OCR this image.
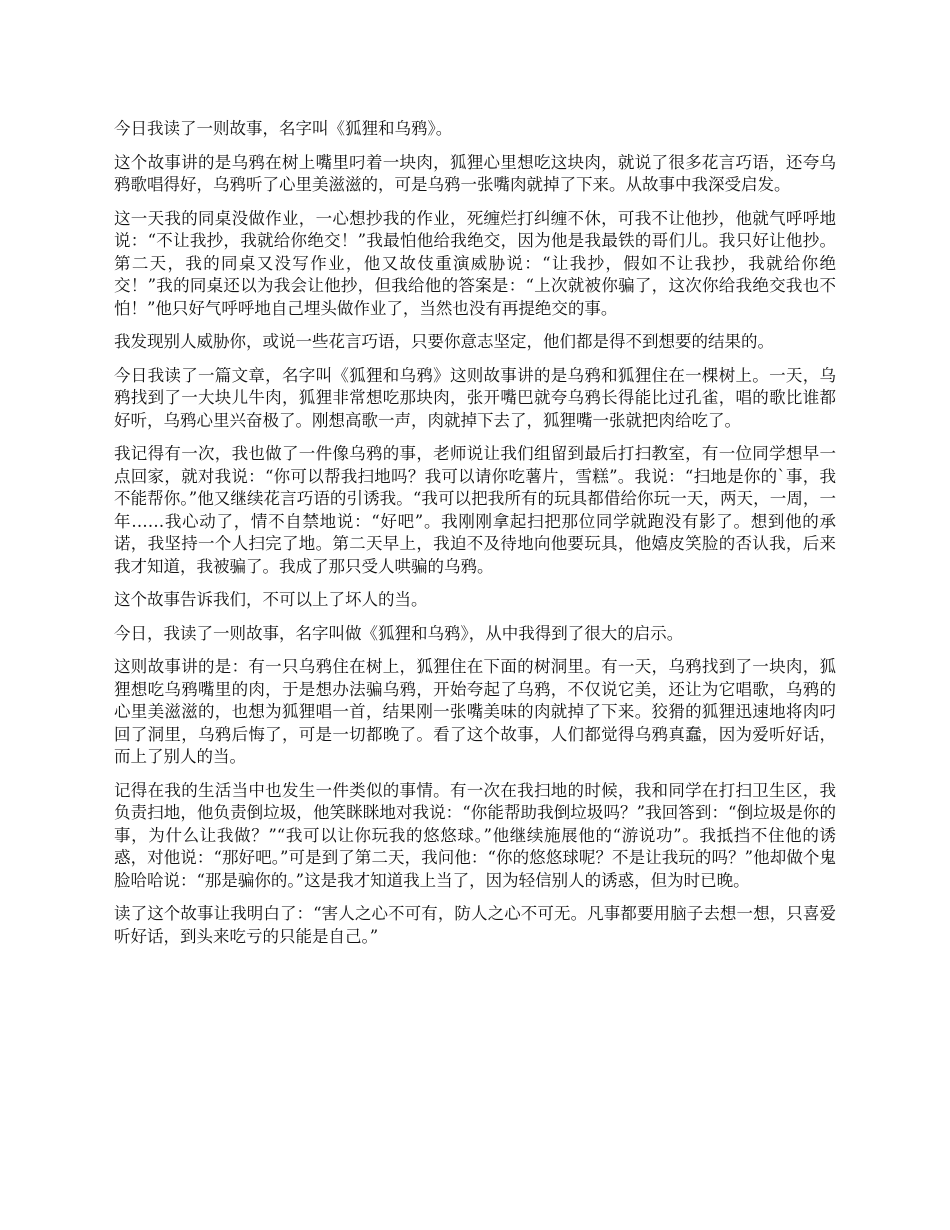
今日我读了一则故事，名字叫《狐狸和乌鸦》。

这个故事讲的是乌鸦在树上嘴里叼着一块肉，狐狸心里想吃这块肉，就说了很多花言巧语，还夸乌鸦歌唱得好，乌鸦听了心里美滋滋的，可是乌鸦一张嘴肉就掉了下来。从故事中我深受启发。

这一天我的同桌没做作业，一心想抄我的作业，死缠烂打纠缠不休，可我不让他抄，他就气呼呼地说：“不让我抄，我就给你绝交！”我最怕他给我绝交，因为他是我最铁的哥们儿。我只好让他抄。第二天，我的同桌又没写作业，他又故伎重演威胁说：“让我抄，假如不让我抄，我就给你绝交！”我的同桌还以为我会让他抄，但我给他的答案是：“上次就被你骗了，这次你给我绝交我也不怕！”他只好气呼呼地自己埋头做作业了，当然也没有再提绝交的事。

我发现别人威胁你，或说一些花言巧语，只要你意志坚定，他们都是得不到想要的结果的。

今日我读了一篇文章，名字叫《狐狸和乌鸦》这则故事讲的是乌鸦和狐狸住在一棵树上。一天，乌鸦找到了一大块儿牛肉，狐狸非常想吃那块肉，张开嘴巴就夸乌鸦长得能比过孔雀，唱的歌比谁都好听，乌鸦心里兴奋极了。刚想高歌一声，肉就掉下去了，狐狸嘴一张就把肉给吃了。

我记得有一次，我也做了一件像乌鸦的事，老师说让我们组留到最后打扫教室，有一位同学想早一点回家，就对我说：“你可以帮我扫地吗？我可以请你吃薯片，雪糕”。我说：“扫地是你的`事，我不能帮你。”他又继续花言巧语的引诱我。“我可以把我所有的玩具都借给你玩一天，两天，一周，一年……我心动了，情不自禁地说：“好吧”。我刚刚拿起扫把那位同学就跑没有影了。想到他的承诺，我坚持一个人扫完了地。第二天早上，我迫不及待地向他要玩具，他嬉皮笑脸的否认我，后来我才知道，我被骗了。我成了那只受人哄骗的乌鸦。

这个故事告诉我们，不可以上了坏人的当。

今日，我读了一则故事，名字叫做《狐狸和乌鸦》，从中我得到了很大的启示。

这则故事讲的是：有一只乌鸦住在树上，狐狸住在下面的树洞里。有一天，乌鸦找到了一块肉，狐狸想吃乌鸦嘴里的肉，于是想办法骗乌鸦，开始夸起了乌鸦，不仅说它美，还让为它唱歌，乌鸦的心里美滋滋的，也想为狐狸唱一首，结果刚一张嘴美味的肉就掉了下来。狡猾的狐狸迅速地将肉叼回了洞里，乌鸦后悔了，可是一切都晚了。看了这个故事，人们都觉得乌鸦真蠢，因为爱听好话，而上了别人的当。

记得在我的生活当中也发生一件类似的事情。有一次在我扫地的时候，我和同学在打扫卫生区，我负责扫地，他负责倒垃圾，他笑眯眯地对我说：“你能帮助我倒垃圾吗？”我回答到：“倒垃圾是你的事，为什么让我做？”“我可以让你玩我的悠悠球。”他继续施展他的“游说功”。我抵挡不住他的诱惑，对他说：“那好吧。”可是到了第二天，我问他：“你的悠悠球呢？不是让我玩的吗？”他却做个鬼脸哈哈说：“那是骗你的。”这是我才知道我上当了，因为轻信别人的诱惑，但为时已晚。

读了这个故事让我明白了：“害人之心不可有，防人之心不可无。凡事都要用脑子去想一想，只喜爱听好话，到头来吃亏的只能是自己。”
